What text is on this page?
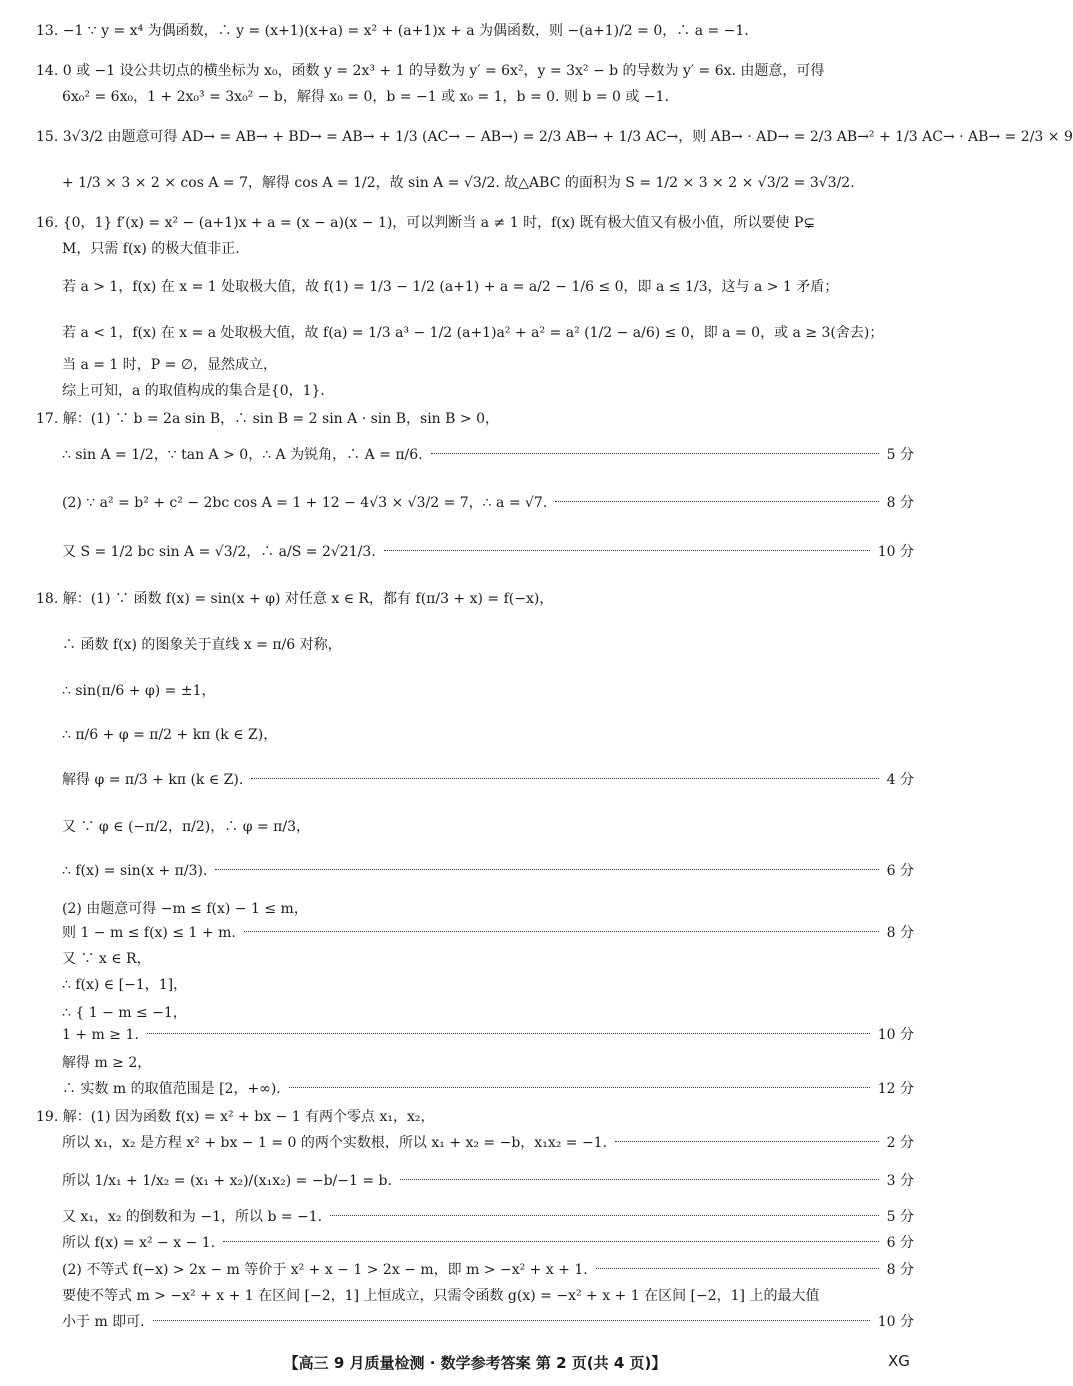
13. −1 ∵ y = x⁴ 为偶函数，∴ y = (x+1)(x+a) = x² + (a+1)x + a 为偶函数，则 −(a+1)/2 = 0，∴ a = −1.
14. 0 或 −1 设公共切点的横坐标为 x₀，函数 y = 2x³ + 1 的导数为 y′ = 6x²，y = 3x² − b 的导数为 y′ = 6x. 由题意，可得
6x₀² = 6x₀，1 + 2x₀³ = 3x₀² − b，解得 x₀ = 0，b = −1 或 x₀ = 1，b = 0. 则 b = 0 或 −1.
15. 3√3/2 由题意可得 AD→ = AB→ + BD→ = AB→ + 1/3 (AC→ − AB→) = 2/3 AB→ + 1/3 AC→，则 AB→ · AD→ = 2/3 AB→² + 1/3 AC→ · AB→ = 2/3 × 9
+ 1/3 × 3 × 2 × cos A = 7，解得 cos A = 1/2，故 sin A = √3/2. 故△ABC 的面积为 S = 1/2 × 3 × 2 × √3/2 = 3√3/2.
16. {0，1} f′(x) = x² − (a+1)x + a = (x − a)(x − 1)，可以判断当 a ≠ 1 时，f(x) 既有极大值又有极小值，所以要使 P⊊
M，只需 f(x) 的极大值非正.
若 a > 1，f(x) 在 x = 1 处取极大值，故 f(1) = 1/3 − 1/2 (a+1) + a = a/2 − 1/6 ≤ 0，即 a ≤ 1/3，这与 a > 1 矛盾；
若 a < 1，f(x) 在 x = a 处取极大值，故 f(a) = 1/3 a³ − 1/2 (a+1)a² + a² = a² (1/2 − a/6) ≤ 0，即 a = 0，或 a ≥ 3(舍去)；
当 a = 1 时，P = ∅，显然成立，
综上可知，a 的取值构成的集合是{0，1}.
17. 解：(1) ∵ b = 2a sin B，∴ sin B = 2 sin A · sin B，sin B > 0，
∴ sin A = 1/2，∵ tan A > 0，∴ A 为锐角，∴ A = π/6.	5 分
(2) ∵ a² = b² + c² − 2bc cos A = 1 + 12 − 4√3 × √3/2 = 7，∴ a = √7.	8 分
又 S = 1/2 bc sin A = √3/2，∴ a/S = 2√21/3.	10 分
18. 解：(1) ∵ 函数 f(x) = sin(x + φ) 对任意 x ∈ R，都有 f(π/3 + x) = f(−x)，
∴ 函数 f(x) 的图象关于直线 x = π/6 对称，
∴ sin(π/6 + φ) = ±1，
∴ π/6 + φ = π/2 + kπ (k ∈ Z)，
解得 φ = π/3 + kπ (k ∈ Z).	4 分
又 ∵ φ ∈ (−π/2，π/2)，∴ φ = π/3，
∴ f(x) = sin(x + π/3).	6 分
(2) 由题意可得 −m ≤ f(x) − 1 ≤ m，
则 1 − m ≤ f(x) ≤ 1 + m.	8 分
又 ∵ x ∈ R，
∴ f(x) ∈ [−1，1]，
∴ { 1 − m ≤ −1，
1 + m ≥ 1.	10 分
解得 m ≥ 2，
∴ 实数 m 的取值范围是 [2，+∞).	12 分
19. 解：(1) 因为函数 f(x) = x² + bx − 1 有两个零点 x₁，x₂，
所以 x₁，x₂ 是方程 x² + bx − 1 = 0 的两个实数根，所以 x₁ + x₂ = −b，x₁x₂ = −1.	2 分
所以 1/x₁ + 1/x₂ = (x₁ + x₂)/(x₁x₂) = −b/−1 = b.	3 分
又 x₁，x₂ 的倒数和为 −1，所以 b = −1.	5 分
所以 f(x) = x² − x − 1.	6 分
(2) 不等式 f(−x) > 2x − m 等价于 x² + x − 1 > 2x − m，即 m > −x² + x + 1.	8 分
要使不等式 m > −x² + x + 1 在区间 [−2，1] 上恒成立，只需令函数 g(x) = −x² + x + 1 在区间 [−2，1] 上的最大值
小于 m 即可.	10 分
【高三 9 月质量检测 · 数学参考答案 第 2 页(共 4 页)】	XG
